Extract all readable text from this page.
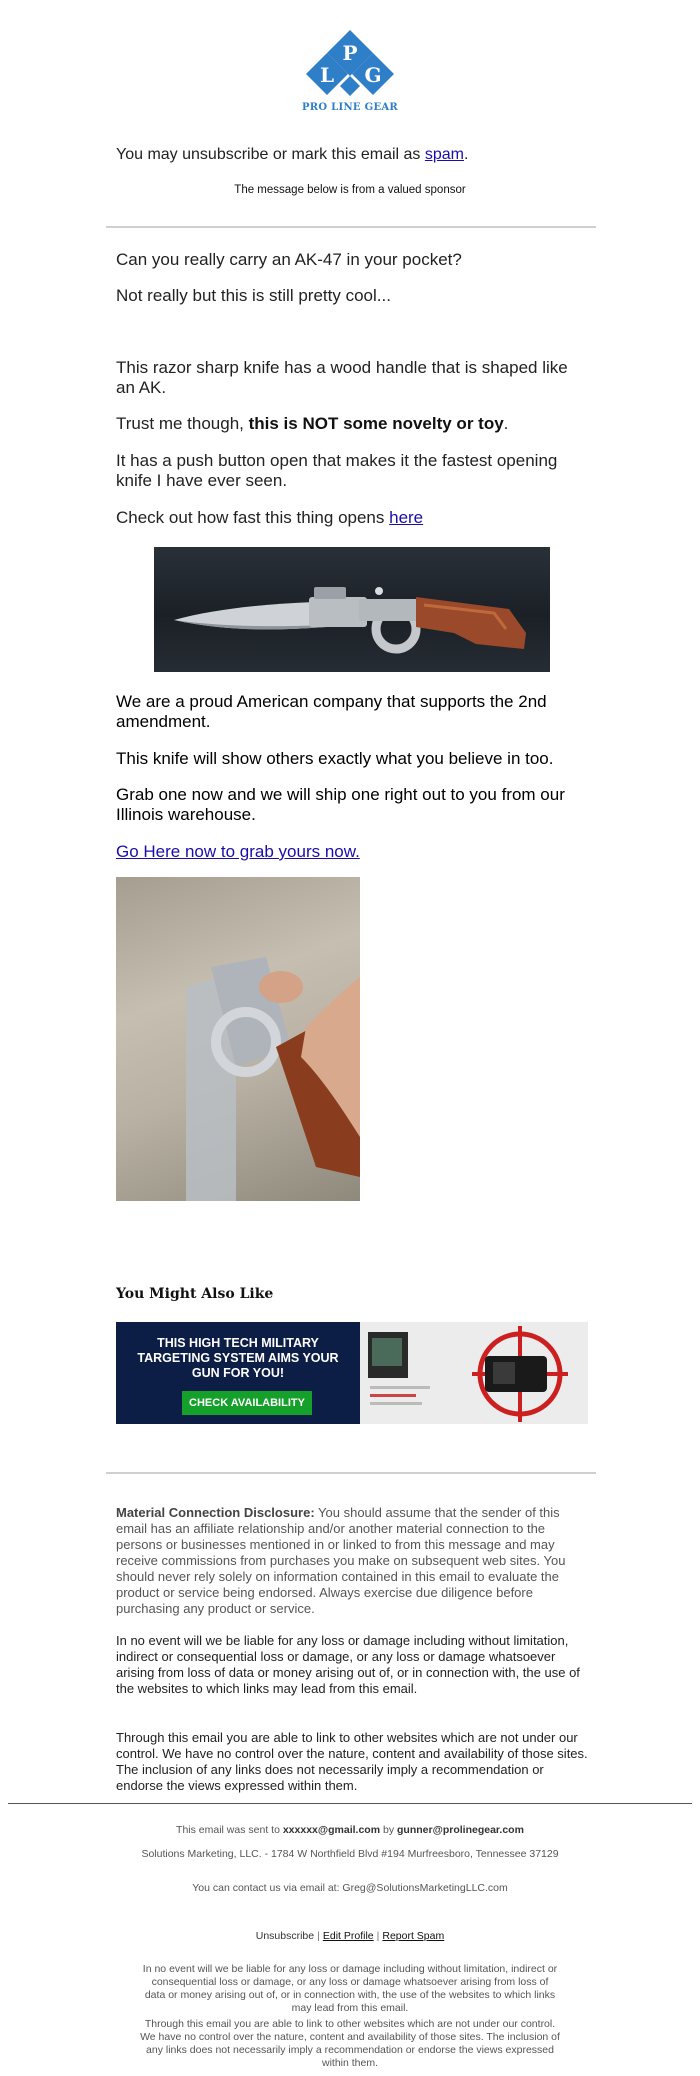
P
L G
PRO LINE GEAR
You may unsubscribe or mark this email as spam.
The message below is from a valued sponsor
Can you really carry an AK-47 in your pocket?
Not really but this is still pretty cool...
This razor sharp knife has a wood handle that is shaped like an AK.
Trust me though, this is NOT some novelty or toy.
It has a push button open that makes it the fastest opening knife I have ever seen.
Check out how fast this thing opens here
We are a proud American company that supports the 2nd amendment.
This knife will show others exactly what you believe in too.
Grab one now and we will ship one right out to you from our Illinois warehouse.
Go Here now to grab yours now.
You Might Also Like
THIS HIGH TECH MILITARY TARGETING SYSTEM AIMS YOUR GUN FOR YOU!
CHECK AVAILABILITY
Material Connection Disclosure: You should assume that the sender of this email has an affiliate relationship and/or another material connection to the persons or businesses mentioned in or linked to from this message and may receive commissions from purchases you make on subsequent web sites. You should never rely solely on information contained in this email to evaluate the product or service being endorsed. Always exercise due diligence before purchasing any product or service.
In no event will we be liable for any loss or damage including without limitation, indirect or consequential loss or damage, or any loss or damage whatsoever arising from loss of data or money arising out of, or in connection with, the use of the websites to which links may lead from this email.
Through this email you are able to link to other websites which are not under our control. We have no control over the nature, content and availability of those sites. The inclusion of any links does not necessarily imply a recommendation or endorse the views expressed within them.
This email was sent to xxxxxx@gmail.com by gunner@prolinegear.com
Solutions Marketing, LLC. - 1784 W Northfield Blvd #194 Murfreesboro, Tennessee 37129
You can contact us via email at: Greg@SolutionsMarketingLLC.com
Unsubscribe | Edit Profile | Report Spam
In no event will we be liable for any loss or damage including without limitation, indirect or consequential loss or damage, or any loss or damage whatsoever arising from loss of data or money arising out of, or in connection with, the use of the websites to which links may lead from this email.
Through this email you are able to link to other websites which are not under our control. We have no control over the nature, content and availability of those sites. The inclusion of any links does not necessarily imply a recommendation or endorse the views expressed within them.
